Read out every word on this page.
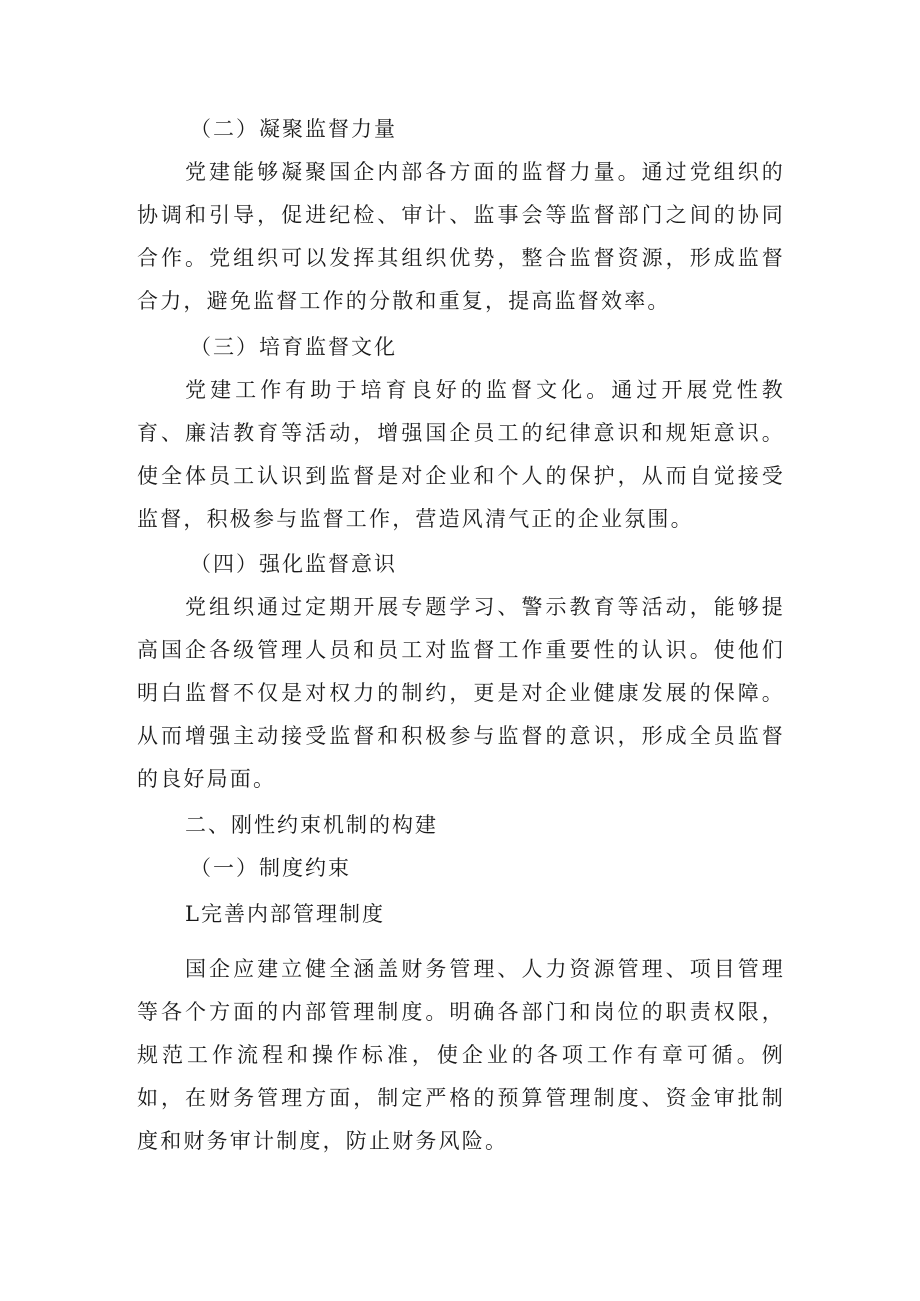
（二）凝聚监督力量
党建能够凝聚国企内部各方面的监督力量。通过党组织的协调和引导，促进纪检、审计、监事会等监督部门之间的协同合作。党组织可以发挥其组织优势，整合监督资源，形成监督合力，避免监督工作的分散和重复，提高监督效率。
（三）培育监督文化
党建工作有助于培育良好的监督文化。通过开展党性教育、廉洁教育等活动，增强国企员工的纪律意识和规矩意识。使全体员工认识到监督是对企业和个人的保护，从而自觉接受监督，积极参与监督工作，营造风清气正的企业氛围。
（四）强化监督意识
党组织通过定期开展专题学习、警示教育等活动，能够提高国企各级管理人员和员工对监督工作重要性的认识。使他们明白监督不仅是对权力的制约，更是对企业健康发展的保障。从而增强主动接受监督和积极参与监督的意识，形成全员监督的良好局面。
二、刚性约束机制的构建
（一）制度约束
L完善内部管理制度
国企应建立健全涵盖财务管理、人力资源管理、项目管理等各个方面的内部管理制度。明确各部门和岗位的职责权限，规范工作流程和操作标准，使企业的各项工作有章可循。例如，在财务管理方面，制定严格的预算管理制度、资金审批制度和财务审计制度，防止财务风险。
